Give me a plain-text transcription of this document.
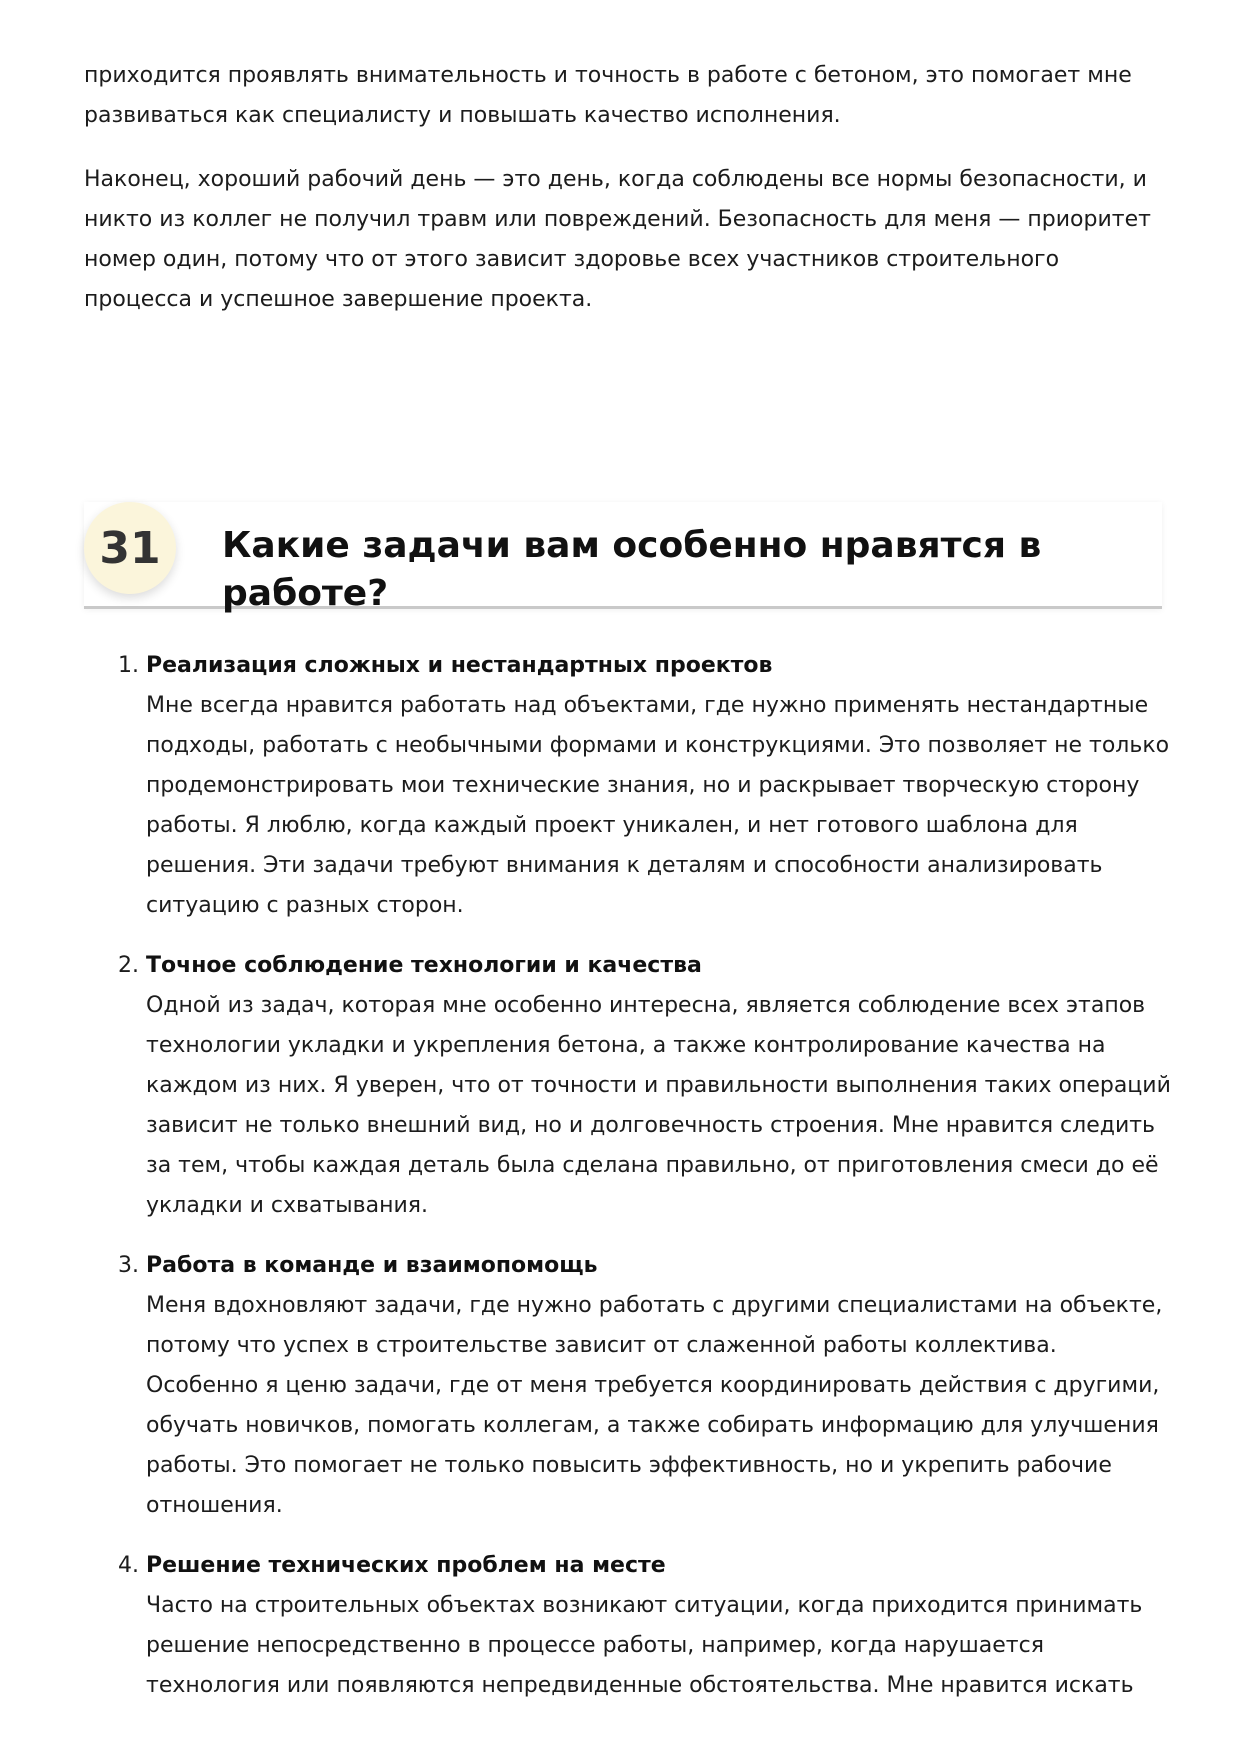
приходится проявлять внимательность и точность в работе с бетоном, это помогает мне развиваться как специалисту и повышать качество исполнения.

Наконец, хороший рабочий день — это день, когда соблюдены все нормы безопасности, и никто из коллег не получил травм или повреждений. Безопасность для меня — приоритет номер один, потому что от этого зависит здоровье всех участников строительного процесса и успешное завершение проекта.

31	Какие задачи вам особенно нравятся в работе?
1. Реализация сложных и нестандартных проектов
Мне всегда нравится работать над объектами, где нужно применять нестандартные подходы, работать с необычными формами и конструкциями. Это позволяет не только продемонстрировать мои технические знания, но и раскрывает творческую сторону работы. Я люблю, когда каждый проект уникален, и нет готового шаблона для решения. Эти задачи требуют внимания к деталям и способности анализировать ситуацию с разных сторон.
2. Точное соблюдение технологии и качества
Одной из задач, которая мне особенно интересна, является соблюдение всех этапов технологии укладки и укрепления бетона, а также контролирование качества на каждом из них. Я уверен, что от точности и правильности выполнения таких операций зависит не только внешний вид, но и долговечность строения. Мне нравится следить за тем, чтобы каждая деталь была сделана правильно, от приготовления смеси до её укладки и схватывания.
3. Работа в команде и взаимопомощь
Меня вдохновляют задачи, где нужно работать с другими специалистами на объекте, потому что успех в строительстве зависит от слаженной работы коллектива. Особенно я ценю задачи, где от меня требуется координировать действия с другими, обучать новичков, помогать коллегам, а также собирать информацию для улучшения работы. Это помогает не только повысить эффективность, но и укрепить рабочие отношения.
4. Решение технических проблем на месте
Часто на строительных объектах возникают ситуации, когда приходится принимать решение непосредственно в процессе работы, например, когда нарушается технология или появляются непредвиденные обстоятельства. Мне нравится искать
